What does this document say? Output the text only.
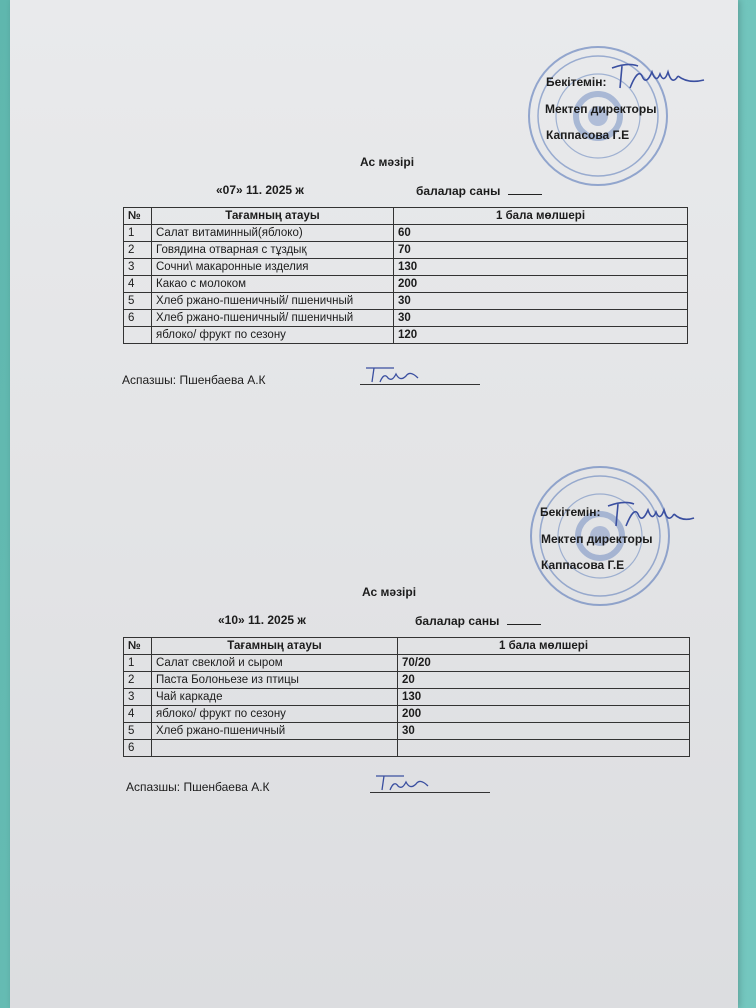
Бекітемін:
Мектеп директоры
Каппасова Г.Е
Ас мәзірі
«07» 11. 2025 ж	балалар саны
№	Тағамның атауы	1 бала мөлшері
1	Салат витаминный(яблоко)	60
2	Говядина отварная с тұздық	70
3	Сочни\ макаронные изделия	130
4	Какао с молоком	200
5	Хлеб ржано-пшеничный/ пшеничный	30
6	Хлеб ржано-пшеничный/ пшеничный	30
	яблоко/ фрукт по сезону	120
Аспазшы: Пшенбаева А.К
Бекітемін:
Мектеп директоры
Каппасова Г.Е
Ас мәзірі
«10» 11. 2025 ж	балалар саны
№	Тағамның атауы	1 бала мөлшері
1	Салат свеклой и сыром	70/20
2	Паста Болоньезе из птицы	20
3	Чай каркаде	130
4	яблоко/ фрукт по сезону	200
5	Хлеб ржано-пшеничный	30
6		
Аспазшы: Пшенбаева А.К
